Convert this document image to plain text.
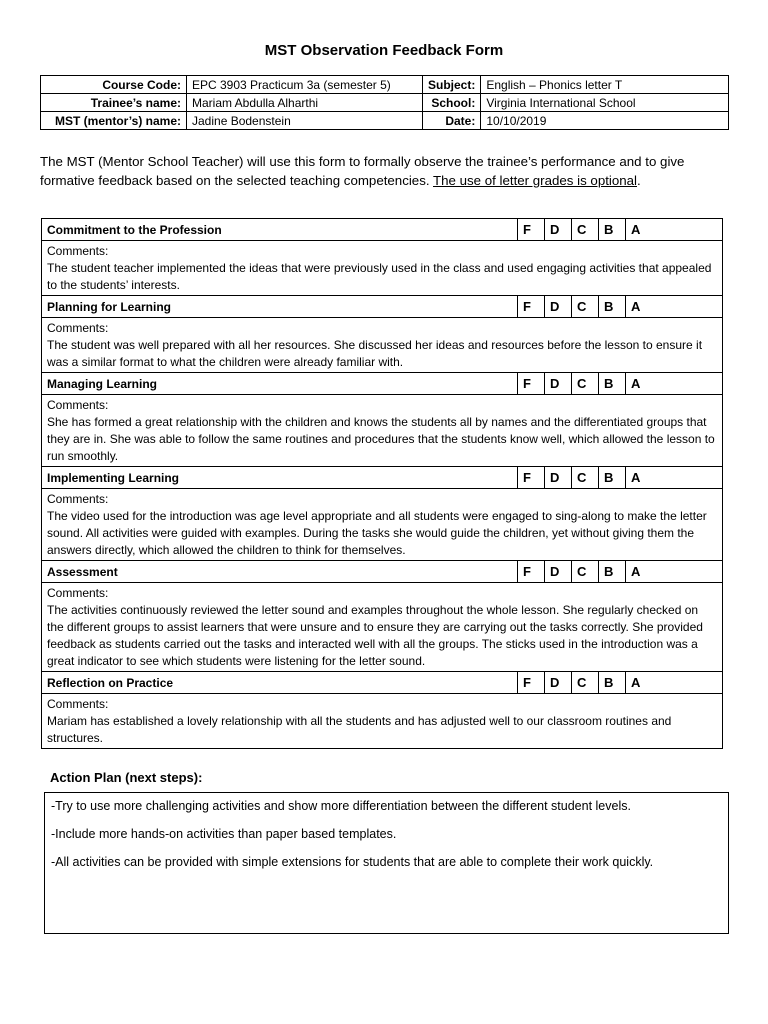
MST Observation Feedback Form
Course Code:	EPC 3903 Practicum 3a (semester 5)	Subject:	English – Phonics letter T
Trainee’s name:	Mariam Abdulla Alharthi	School:	Virginia International School
MST (mentor’s) name:	Jadine Bodenstein	Date:	10/10/2019
The MST (Mentor School Teacher) will use this form to formally observe the trainee’s performance and to give formative feedback based on the selected teaching competencies. The use of letter grades is optional.
Commitment to the Profession	F	D	C	B	A

Comments:
The student teacher implemented the ideas that were previously used in the class and used engaging activities that appealed to the students’ interests.					

Planning for Learning	F	D	C	B	A

Comments:
The student was well prepared with all her resources. She discussed her ideas and resources before the lesson to ensure it was a similar format to what the children were already familiar with.					

Managing Learning	F	D	C	B	A

Comments:
She has formed a great relationship with the children and knows the students all by names and the differentiated groups that they are in. She was able to follow the same routines and procedures that the students know well, which allowed the lesson to run smoothly.					

Implementing Learning	F	D	C	B	A

Comments:
The video used for the introduction was age level appropriate and all students were engaged to sing-along to make the letter sound. All activities were guided with examples. During the tasks she would guide the children, yet without giving them the answers directly, which allowed the children to think for themselves.					

Assessment	F	D	C	B	A

Comments:
The activities continuously reviewed the letter sound and examples throughout the whole lesson. She regularly checked on the different groups to assist learners that were unsure and to ensure they are carrying out the tasks correctly. She provided feedback as students carried out the tasks and interacted well with all the groups. The sticks used in the introduction was a great indicator to see which students were listening for the letter sound.					

Reflection on Practice	F	D	C	B	A

Comments:
Mariam has established a lovely relationship with all the students and has adjusted well to our classroom routines and structures.					
Action Plan (next steps):

-Try to use more challenging activities and show more differentiation between the different student levels.

-Include more hands-on activities than paper based templates.

-All activities can be provided with simple extensions for students that are able to complete their work quickly.
